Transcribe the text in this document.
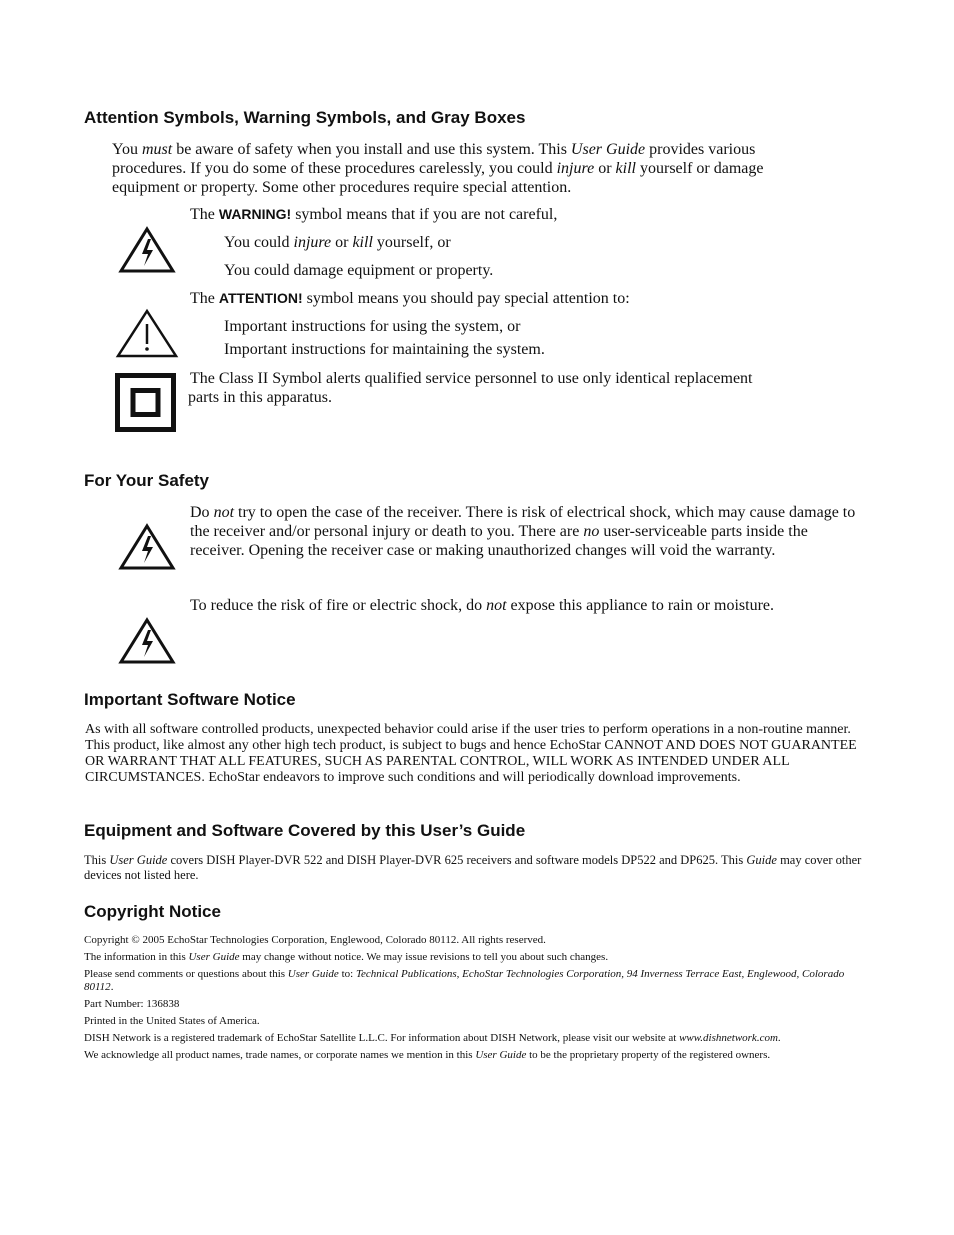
Attention Symbols, Warning Symbols, and Gray Boxes

You must be aware of safety when you install and use this system. This User Guide provides various procedures. If you do some of these procedures carelessly, you could injure or kill yourself or damage equipment or property. Some other procedures require special attention.

The WARNING! symbol means that if you are not careful,

You could injure or kill yourself, or

You could damage equipment or property.

The ATTENTION! symbol means you should pay special attention to:

Important instructions for using the system, or

Important instructions for maintaining the system.

The Class II Symbol alerts qualified service personnel to use only identical replacement

parts in this apparatus.

For Your Safety

Do not try to open the case of the receiver. There is risk of electrical shock, which may cause damage to the receiver and/or personal injury or death to you. There are no user-serviceable parts inside the receiver. Opening the receiver case or making unauthorized changes will void the warranty.

To reduce the risk of fire or electric shock, do not expose this appliance to rain or moisture.

Important Software Notice

As with all software controlled products, unexpected behavior could arise if the user tries to perform operations in a non-routine manner. This product, like almost any other high tech product, is subject to bugs and hence EchoStar CANNOT AND DOES NOT GUARANTEE OR WARRANT THAT ALL FEATURES, SUCH AS PARENTAL CONTROL, WILL WORK AS INTENDED UNDER ALL CIRCUMSTANCES. EchoStar endeavors to improve such conditions and will periodically download improvements.

Equipment and Software Covered by this User’s Guide

This User Guide covers DISH Player-DVR 522 and DISH Player-DVR 625 receivers and software models DP522 and DP625. This Guide may cover other devices not listed here.

Copyright Notice

Copyright © 2005 EchoStar Technologies Corporation, Englewood, Colorado 80112. All rights reserved.

The information in this User Guide may change without notice. We may issue revisions to tell you about such changes.

Please send comments or questions about this User Guide to: Technical Publications, EchoStar Technologies Corporation, 94 Inverness Terrace East, Englewood, Colorado 80112.

Part Number: 136838

Printed in the United States of America.

DISH Network is a registered trademark of EchoStar Satellite L.L.C. For information about DISH Network, please visit our website at www.dishnetwork.com.

We acknowledge all product names, trade names, or corporate names we mention in this User Guide to be the proprietary property of the registered owners.
